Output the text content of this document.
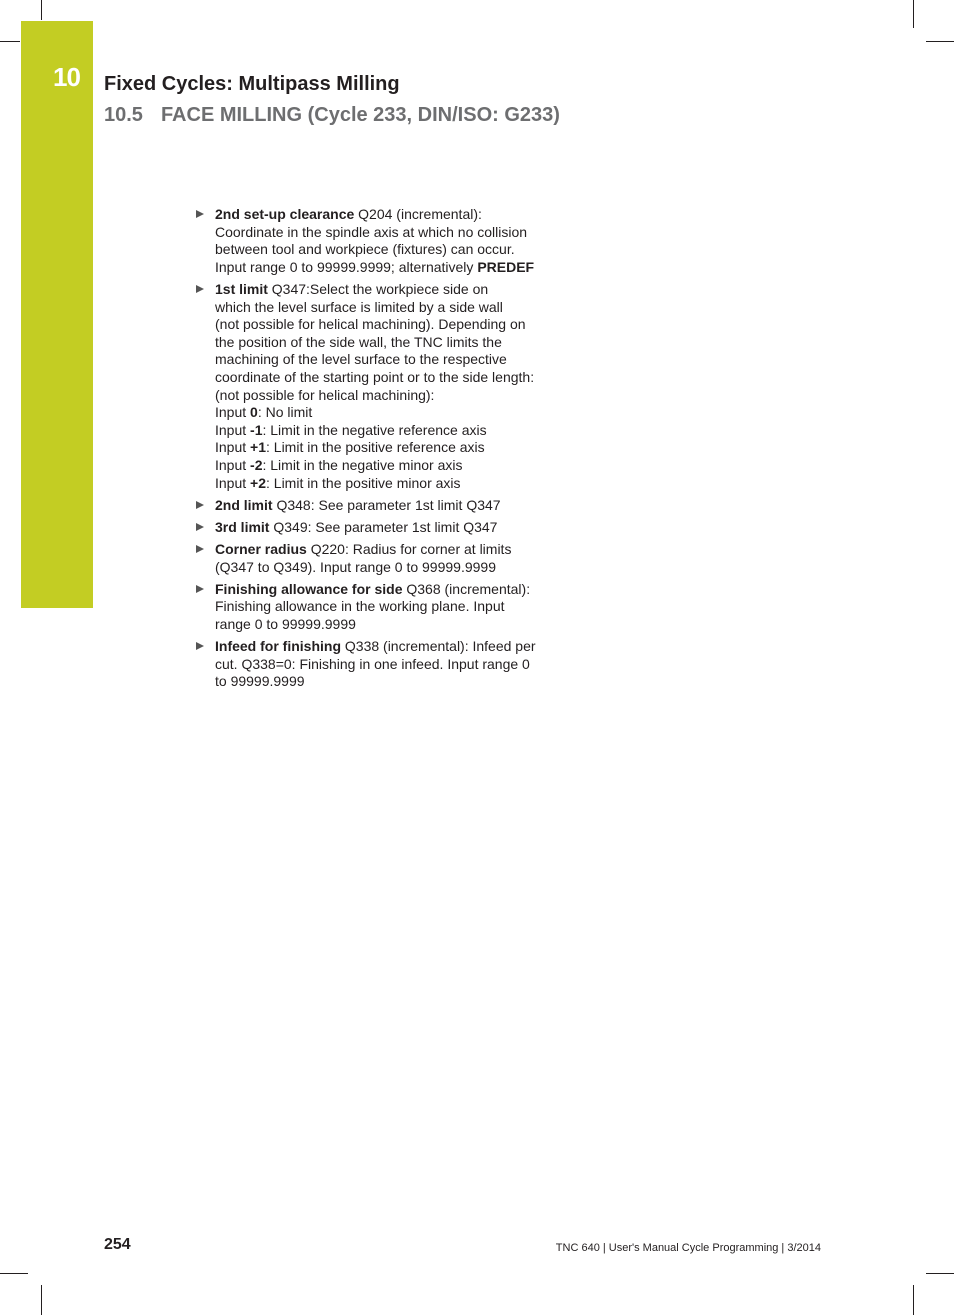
10 Fixed Cycles: Multipass Milling
10.5 FACE MILLING (Cycle 233, DIN/ISO: G233)
2nd set-up clearance Q204 (incremental):
Coordinate in the spindle axis at which no collision
between tool and workpiece (fixtures) can occur.
Input range 0 to 99999.9999; alternatively PREDEF
1st limit Q347:Select the workpiece side on
which the level surface is limited by a side wall
(not possible for helical machining). Depending on
the position of the side wall, the TNC limits the
machining of the level surface to the respective
coordinate of the starting point or to the side length:
(not possible for helical machining):
Input 0: No limit
Input -1: Limit in the negative reference axis
Input +1: Limit in the positive reference axis
Input -2: Limit in the negative minor axis
Input +2: Limit in the positive minor axis
2nd limit Q348: See parameter 1st limit Q347
3rd limit Q349: See parameter 1st limit Q347
Corner radius Q220: Radius for corner at limits
(Q347 to Q349). Input range 0 to 99999.9999
Finishing allowance for side Q368 (incremental):
Finishing allowance in the working plane. Input
range 0 to 99999.9999
Infeed for finishing Q338 (incremental): Infeed per
cut. Q338=0: Finishing in one infeed. Input range 0
to 99999.9999
254	TNC 640 | User's Manual Cycle Programming | 3/2014
